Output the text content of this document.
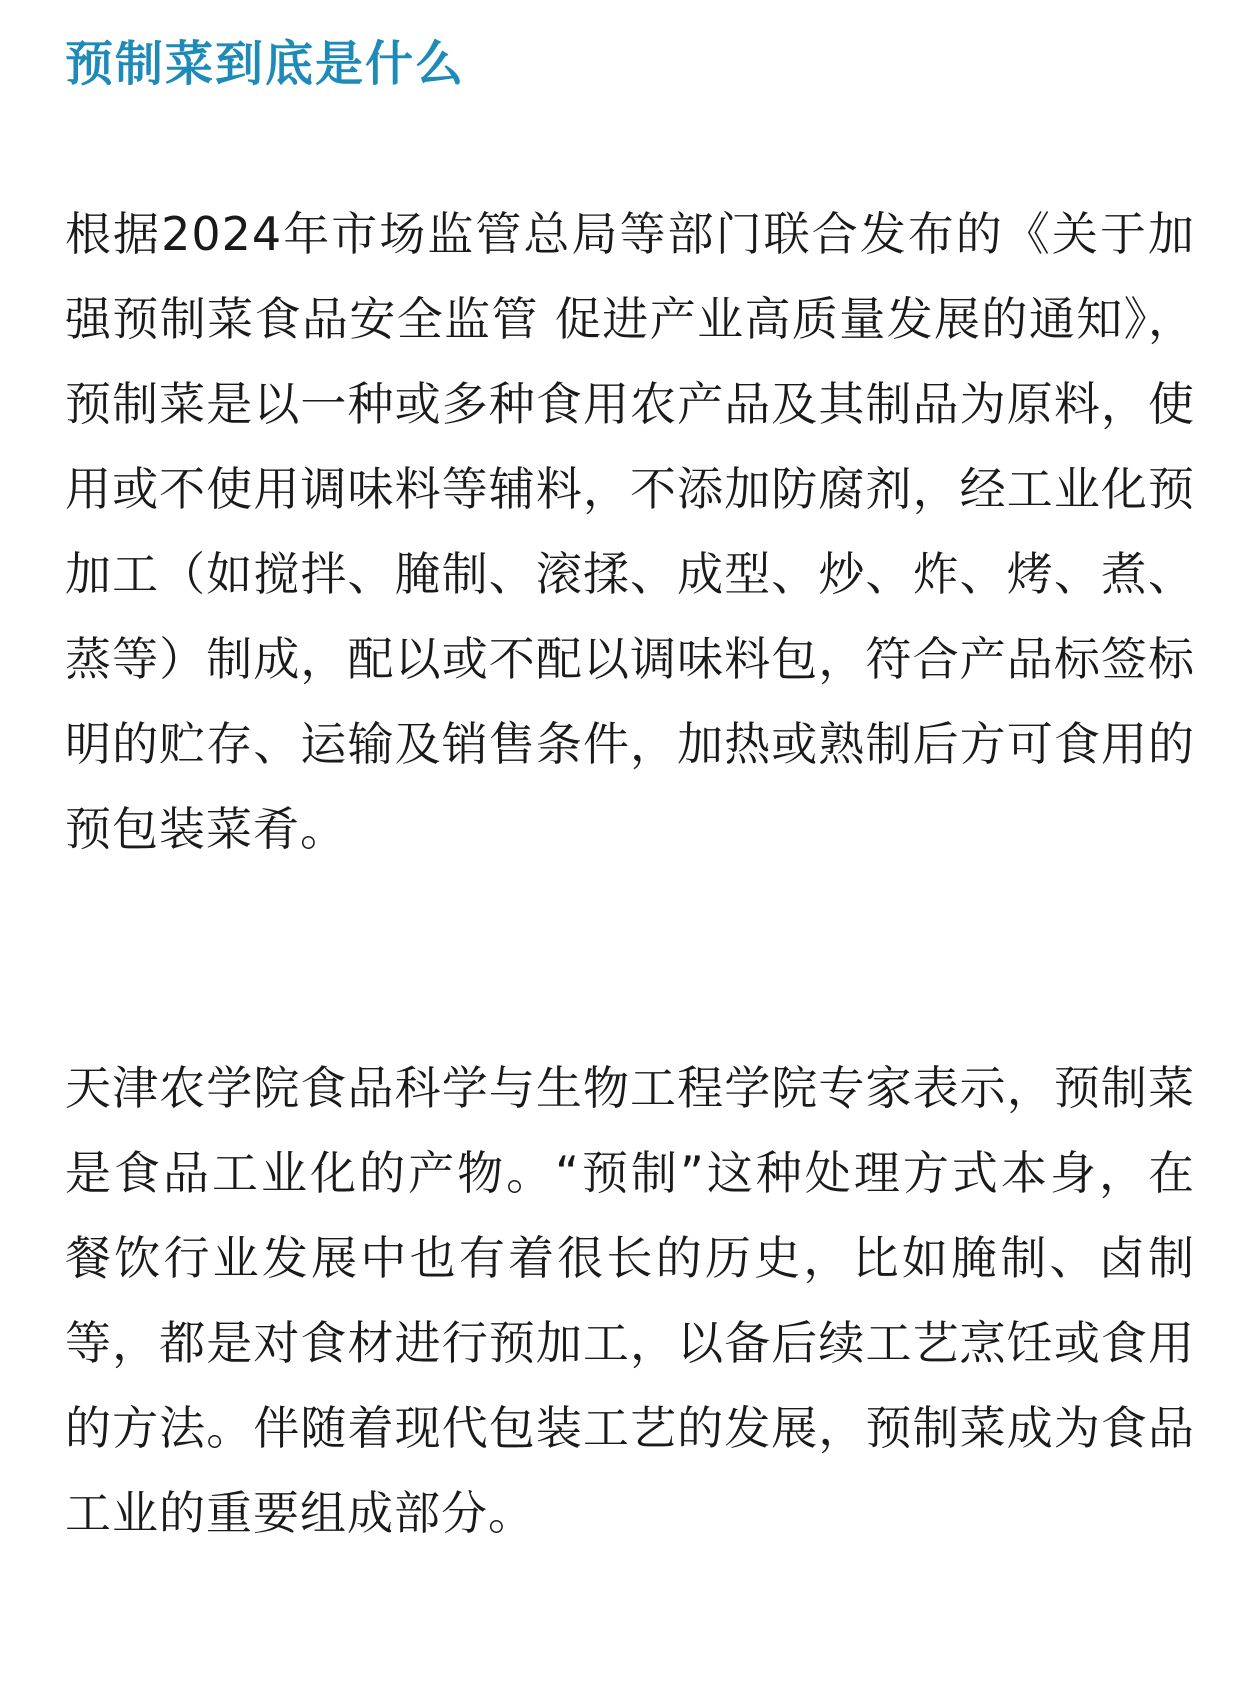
预制菜到底是什么

根据2024年市场监管总局等部门联合发布的《关于加强预制菜食品安全监管 促进产业高质量发展的通知》，预制菜是以一种或多种食用农产品及其制品为原料，使用或不使用调味料等辅料，不添加防腐剂，经工业化预加工（如搅拌、腌制、滚揉、成型、炒、炸、烤、煮、蒸等）制成，配以或不配以调味料包，符合产品标签标明的贮存、运输及销售条件，加热或熟制后方可食用的预包装菜肴。

天津农学院食品科学与生物工程学院专家表示，预制菜是食品工业化的产物。“预制”这种处理方式本身，在餐饮行业发展中也有着很长的历史，比如腌制、卤制等，都是对食材进行预加工，以备后续工艺烹饪或食用的方法。伴随着现代包装工艺的发展，预制菜成为食品工业的重要组成部分。
